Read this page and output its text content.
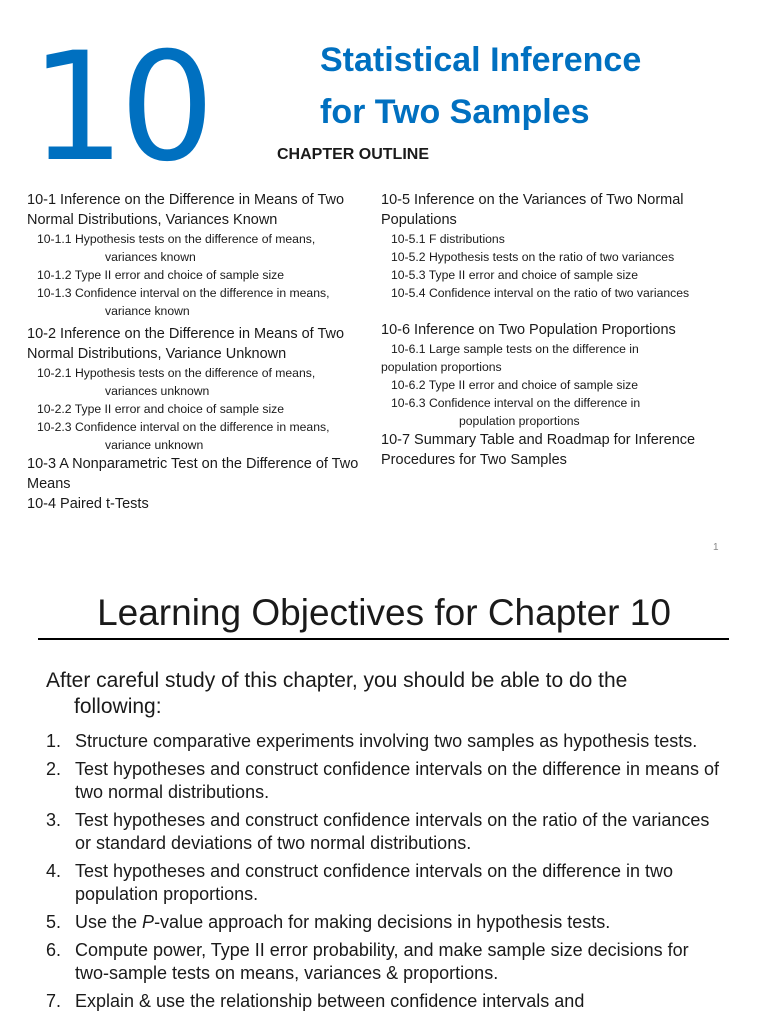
10	Statistical Inference
for Two Samples
CHAPTER OUTLINE
10-1 Inference on the Difference in Means of Two Normal Distributions, Variances Known
10-1.1 Hypothesis tests on the difference of means,
variances known
10-1.2 Type II error and choice of sample size
10-1.3 Confidence interval on the difference in means,
variance known
10-2 Inference on the Difference in Means of Two Normal Distributions, Variance Unknown
10-2.1 Hypothesis tests on the difference of means,
variances unknown
10-2.2 Type II error and choice of sample size
10-2.3 Confidence interval on the difference in means,
variance unknown
10-3 A Nonparametric Test on the Difference of Two Means
10-4 Paired t-Tests
10-5 Inference on the Variances of Two Normal Populations
10-5.1 F distributions
10-5.2 Hypothesis tests on the ratio of two variances
10-5.3 Type II error and choice of sample size
10-5.4 Confidence interval on the ratio of two variances
10-6 Inference on Two Population Proportions
10-6.1 Large sample tests on the difference in
population proportions
10-6.2 Type II error and choice of sample size
10-6.3 Confidence interval on the difference in
population proportions
10-7 Summary Table and Roadmap for Inference Procedures for Two Samples
1
Learning Objectives for Chapter 10
After careful study of this chapter, you should be able to do the
following:
1. Structure comparative experiments involving two samples as hypothesis tests.
2. Test hypotheses and construct confidence intervals on the difference in means of two normal distributions.
3. Test hypotheses and construct confidence intervals on the ratio of the variances or standard deviations of two normal distributions.
4. Test hypotheses and construct confidence intervals on the difference in two population proportions.
5. Use the P-value approach for making decisions in hypothesis tests.
6. Compute power, Type II error probability, and make sample size decisions for two-sample tests on means, variances & proportions.
7. Explain & use the relationship between confidence intervals and
